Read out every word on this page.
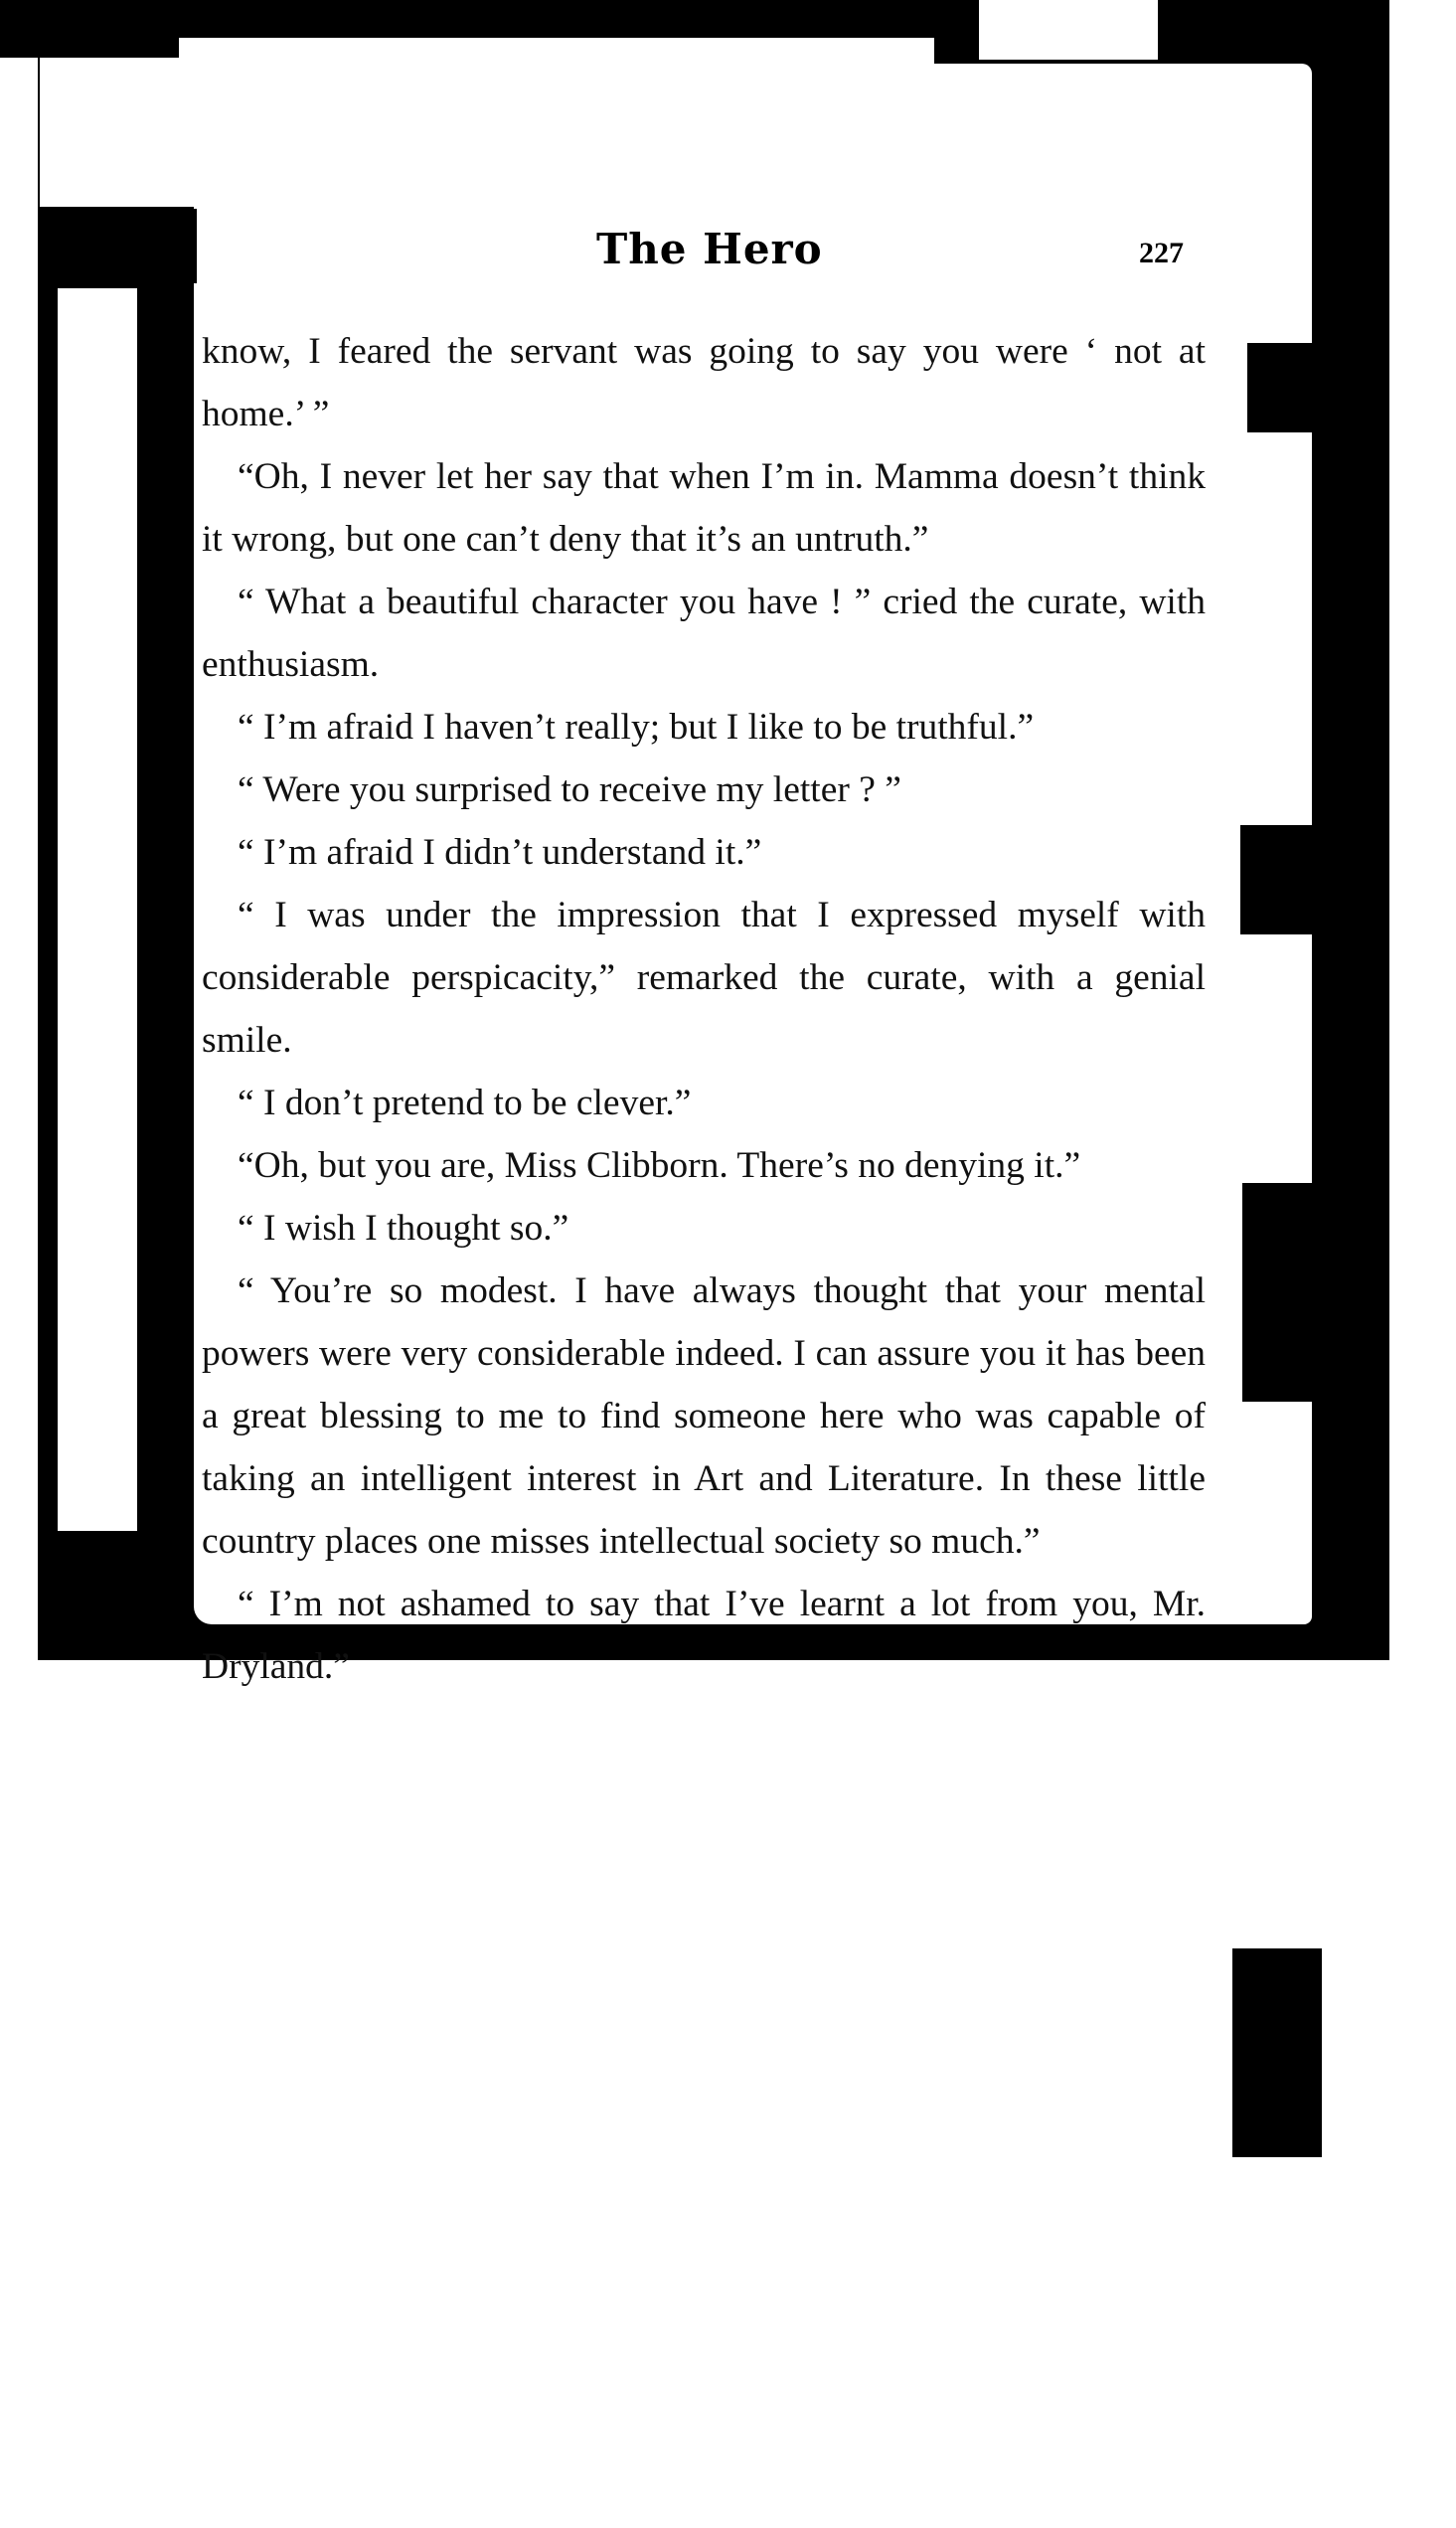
The Hero	227

know, I feared the servant was going to say you were ‘ not at home.’ ”

“Oh, I never let her say that when I’m in. Mamma doesn’t think it wrong, but one can’t deny that it’s an untruth.”

“ What a beautiful character you have ! ” cried the curate, with enthusiasm.

“ I’m afraid I haven’t really; but I like to be truthful.”

“ Were you surprised to receive my letter ? ”

“ I’m afraid I didn’t understand it.”

“ I was under the impression that I expressed myself with considerable perspicacity,” remarked the curate, with a genial smile.

“ I don’t pretend to be clever.”

“Oh, but you are, Miss Clibborn. There’s no denying it.”

“ I wish I thought so.”

“ You’re so modest. I have always thought that your mental powers were very considerable indeed. I can assure you it has been a great blessing to me to find someone here who was capable of taking an intelligent interest in Art and Literature. In these little country places one misses intellectual society so much.”

“ I’m not ashamed to say that I’ve learnt a lot from you, Mr. Dryland.”
